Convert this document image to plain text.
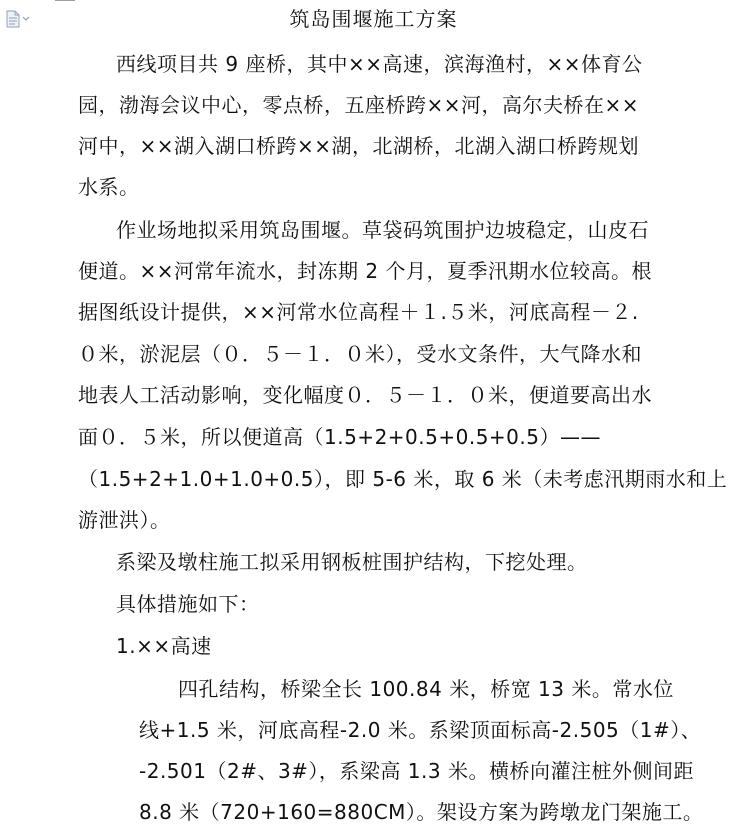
筑岛围堰施工方案
西线项目共 9 座桥，其中××高速，滨海渔村，××体育公
园，渤海会议中心，零点桥，五座桥跨××河，高尔夫桥在××
河中，××湖入湖口桥跨××湖，北湖桥，北湖入湖口桥跨规划
水系。
作业场地拟采用筑岛围堰。草袋码筑围护边坡稳定，山皮石
便道。××河常年流水，封冻期 2 个月，夏季汛期水位较高。根
据图纸设计提供，××河常水位高程＋１.５米，河底高程－２.
０米，淤泥层（０．５－１．０米），受水文条件，大气降水和
地表人工活动影响，变化幅度０．５－１．０米，便道要高出水
面０．５米，所以便道高（1.5+2+0.5+0.5+0.5）——
（1.5+2+1.0+1.0+0.5），即 5-6 米，取 6 米（未考虑汛期雨水和上
游泄洪）。
系梁及墩柱施工拟采用钢板桩围护结构，下挖处理。
具体措施如下：
1.××高速
四孔结构，桥梁全长 100.84 米，桥宽 13 米。常水位
线+1.5 米，河底高程-2.0 米。系梁顶面标高-2.505（1#）、
-2.501（2#、3#），系梁高 1.3 米。横桥向灌注桩外侧间距
8.8 米（720+160=880CM）。架设方案为跨墩龙门架施工。
